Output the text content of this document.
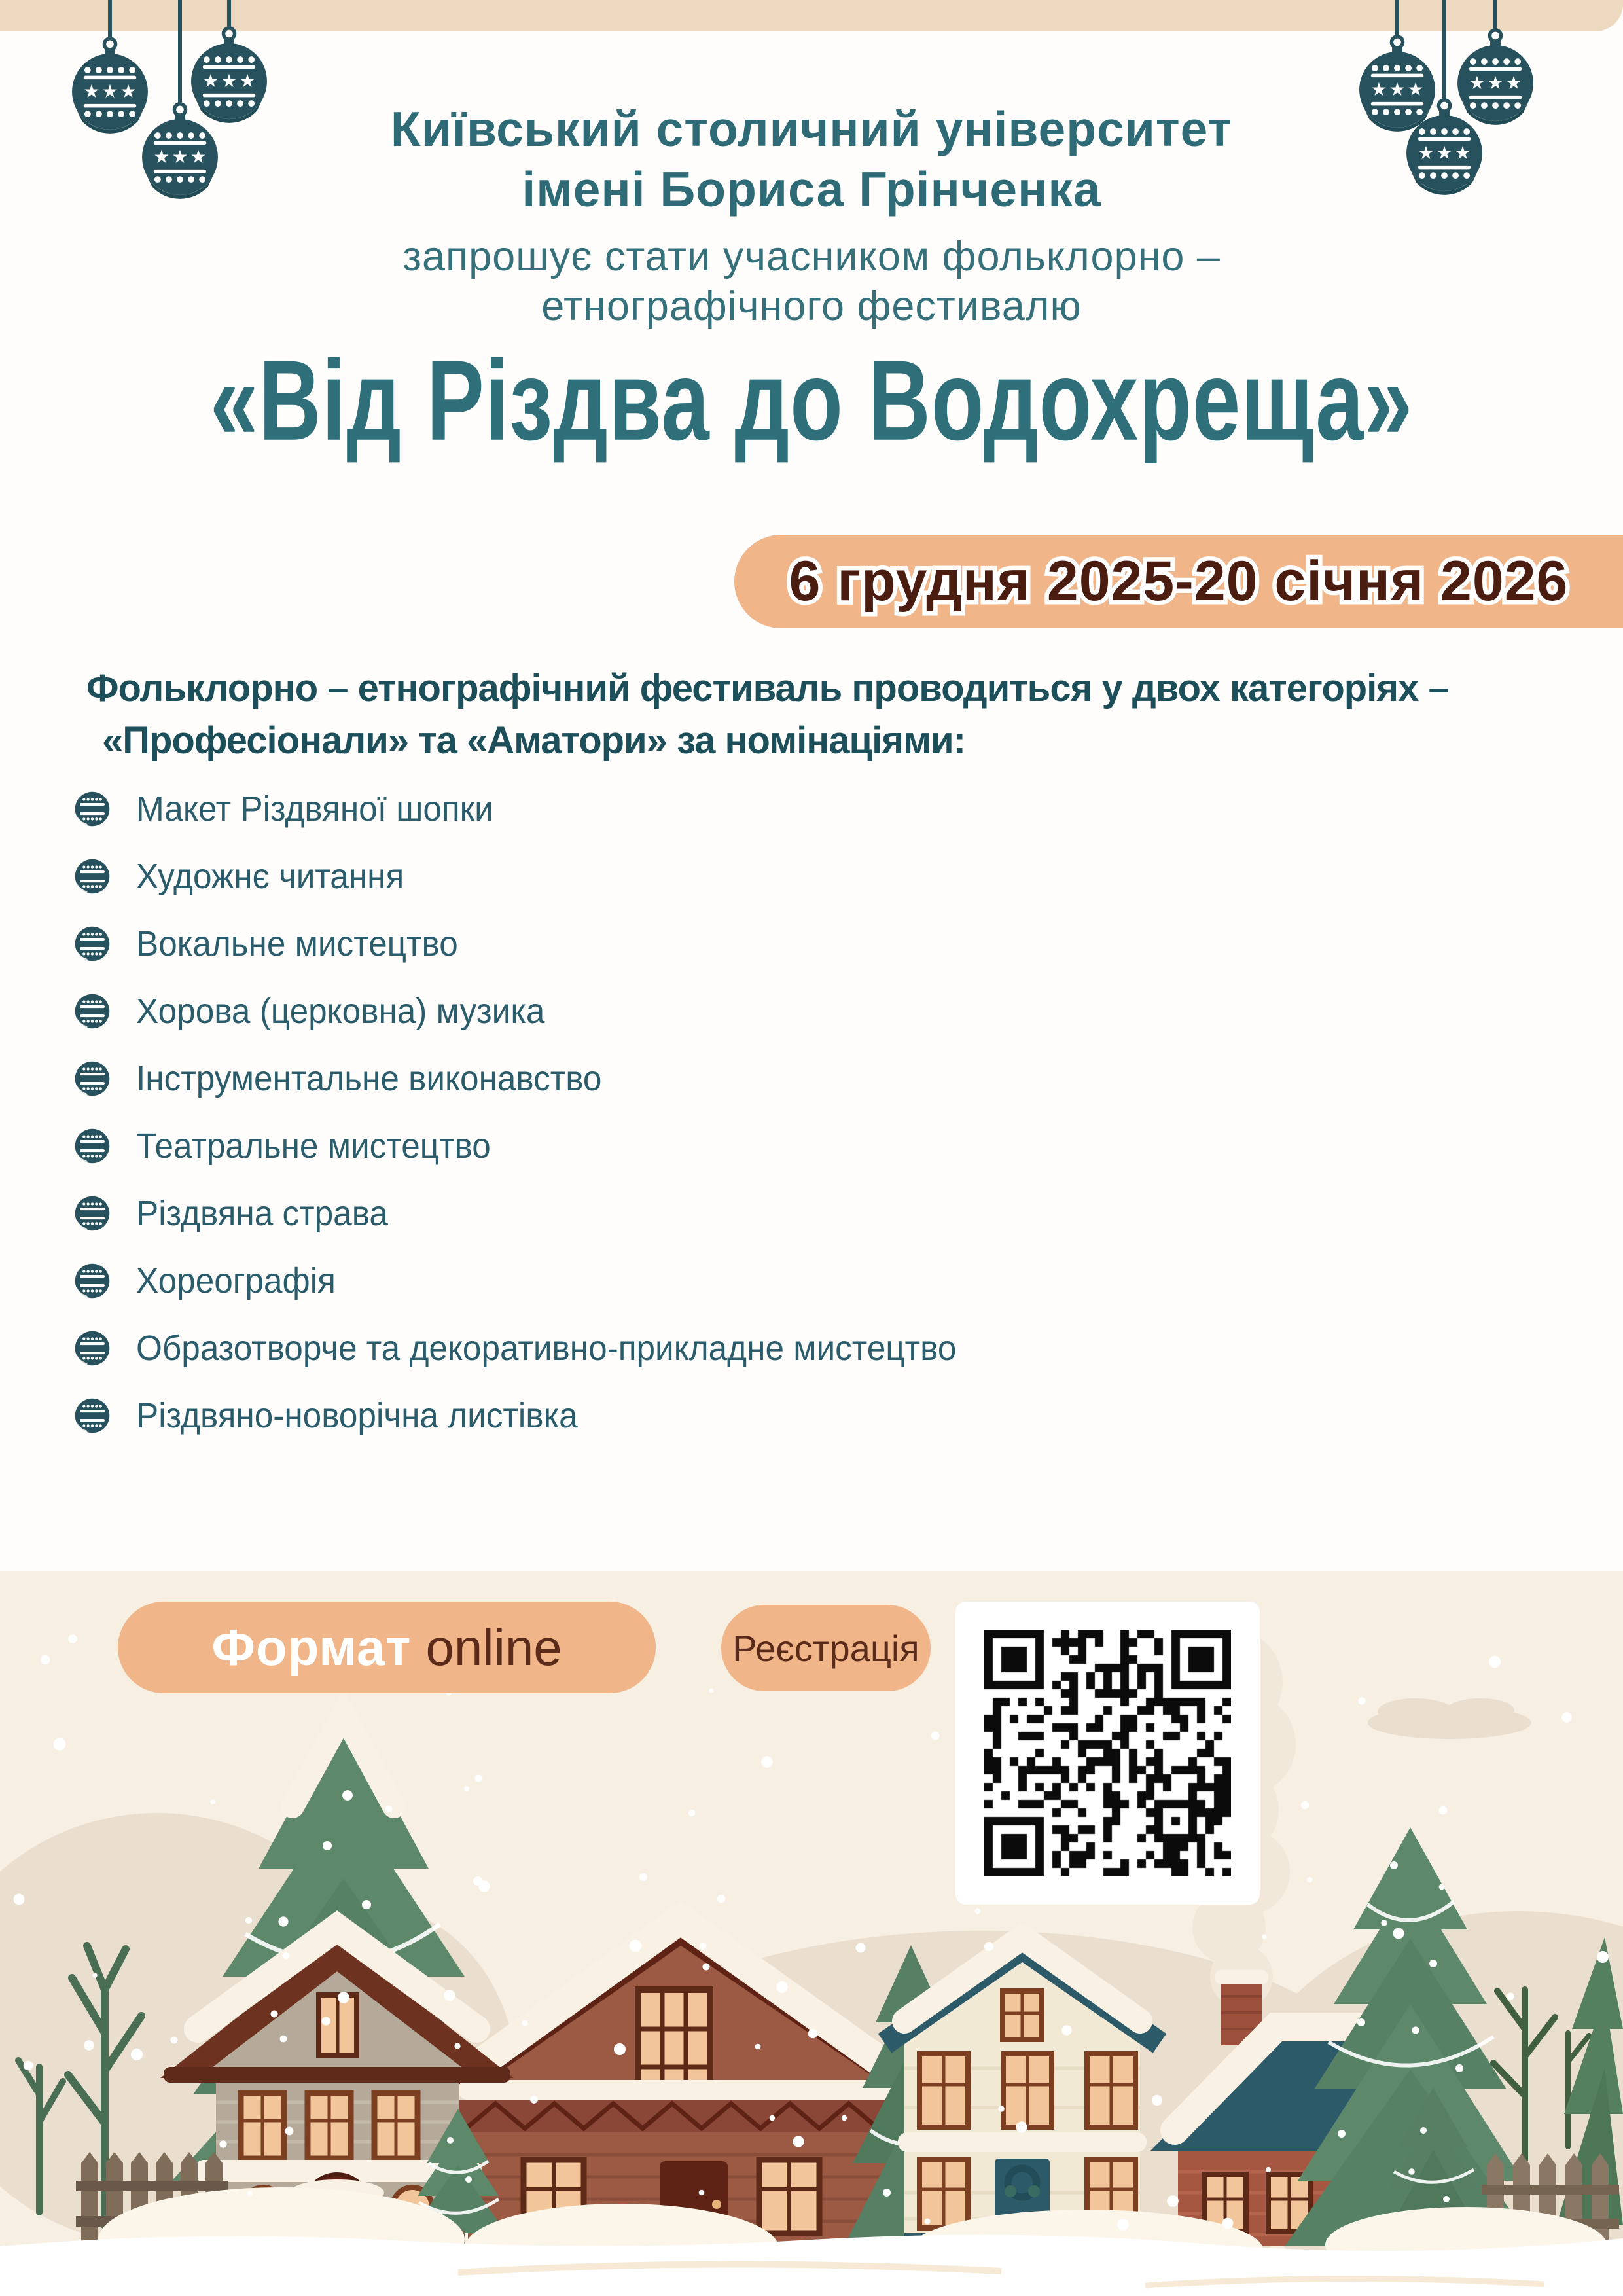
Київський столичний університет
імені Бориса Грінченка
запрошує стати учасником фольклорно –
етнографічного фестивалю
«Від Різдва до Водохреща»
6 грудня 2025-20 січня 2026
Фольклорно – етнографічний фестиваль проводиться у двох категоріях –
«Професіонали» та «Аматори» за номінаціями:
Макет Різдвяної шопки
Художнє читання
Вокальне мистецтво
Хорова (церковна) музика
Інструментальне виконавство
Театральне мистецтво
Різдвяна страва
Хореографія
Образотворче та декоративно-прикладне мистецтво
Різдвяно-новорічна листівка
Формат online	Реєстрація
